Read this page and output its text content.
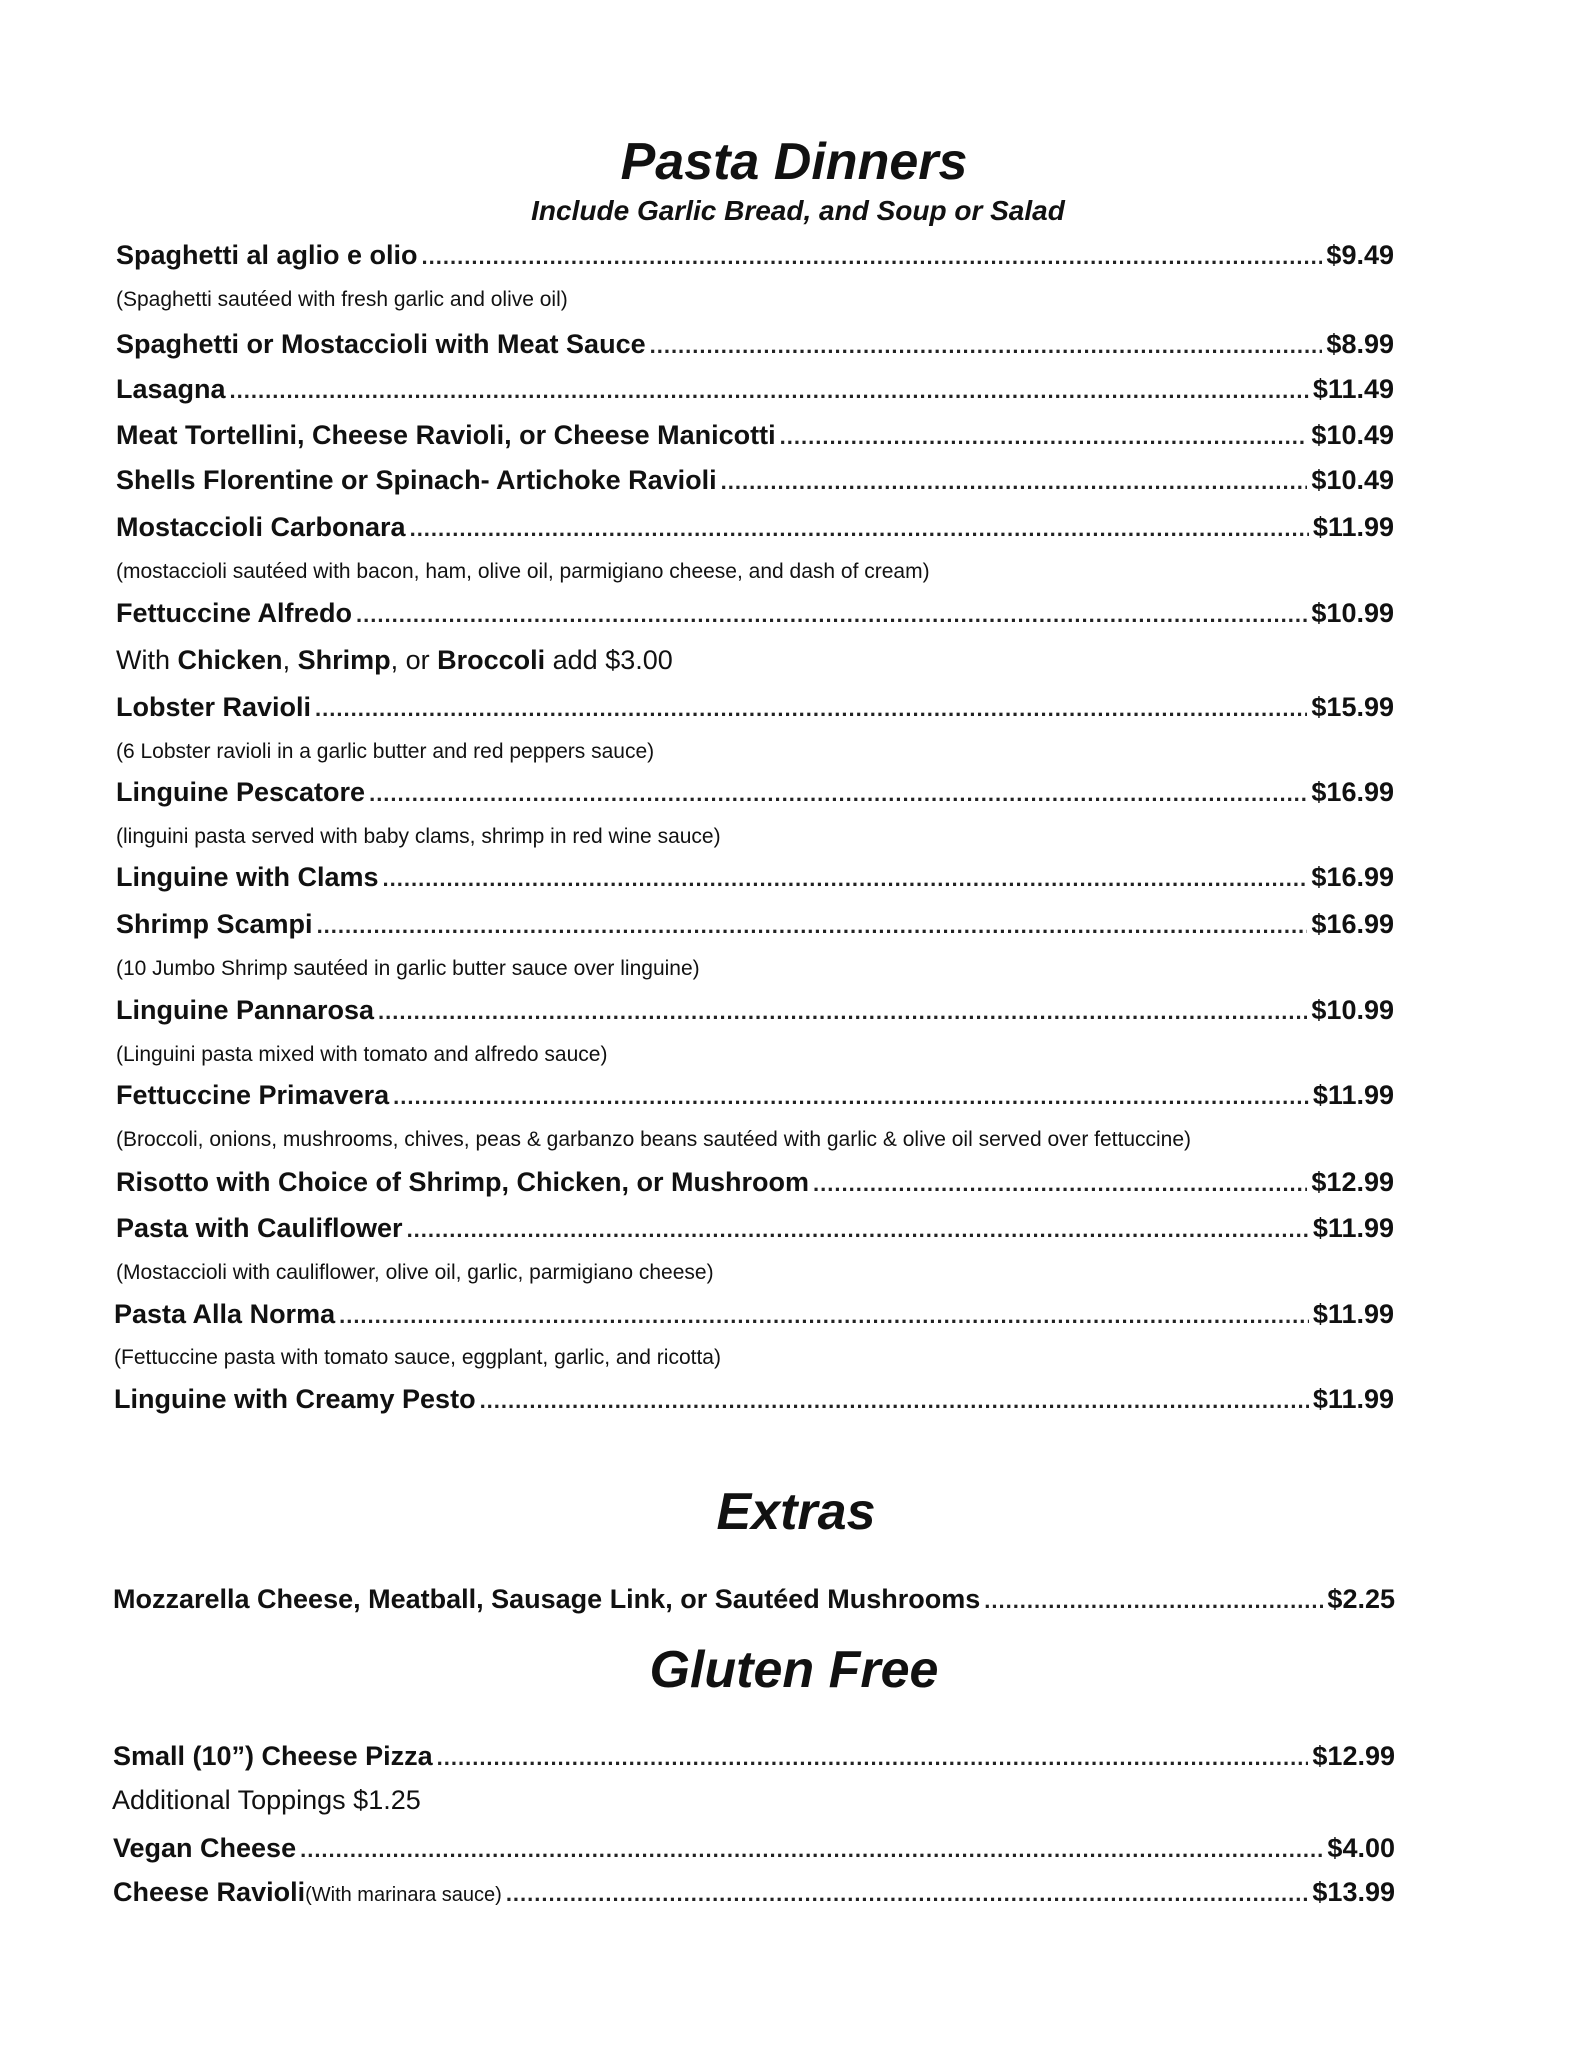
Pasta Dinners

Include Garlic Bread, and Soup or Salad

Spaghetti al aglio e olio .....	$9.49
(Spaghetti sautéed with fresh garlic and olive oil)
Spaghetti or Mostaccioli with Meat Sauce .....	$8.99
Lasagna .....	$11.49
Meat Tortellini, Cheese Ravioli, or Cheese Manicotti .....	$10.49
Shells Florentine or Spinach- Artichoke Ravioli .....	$10.49
Mostaccioli Carbonara .....	$11.99
(mostaccioli sautéed with bacon, ham, olive oil, parmigiano cheese, and dash of cream)
Fettuccine Alfredo .....	$10.99
With Chicken, Shrimp, or Broccoli add $3.00
Lobster Ravioli .....	$15.99
(6 Lobster ravioli in a garlic butter and red peppers sauce)
Linguine Pescatore .....	$16.99
(linguini pasta served with baby clams, shrimp in red wine sauce)
Linguine with Clams .....	$16.99
Shrimp Scampi .....	$16.99
(10 Jumbo Shrimp sautéed in garlic butter sauce over linguine)
Linguine Pannarosa .....	$10.99
(Linguini pasta mixed with tomato and alfredo sauce)
Fettuccine Primavera .....	$11.99
(Broccoli, onions, mushrooms, chives, peas & garbanzo beans sautéed with garlic & olive oil served over fettuccine)
Risotto with Choice of Shrimp, Chicken, or Mushroom .....	$12.99
Pasta with Cauliflower .....	$11.99
(Mostaccioli with cauliflower, olive oil, garlic, parmigiano cheese)
Pasta Alla Norma .....	$11.99
(Fettuccine pasta with tomato sauce, eggplant, garlic, and ricotta)
Linguine with Creamy Pesto .....	$11.99
Extras
Mozzarella Cheese, Meatball, Sausage Link, or Sautéed Mushrooms .....	$2.25
Gluten Free
Small (10”) Cheese Pizza .....	$12.99
Additional Toppings $1.25
Vegan Cheese .....	$4.00
Cheese Ravioli (With marinara sauce) .....	$13.99
